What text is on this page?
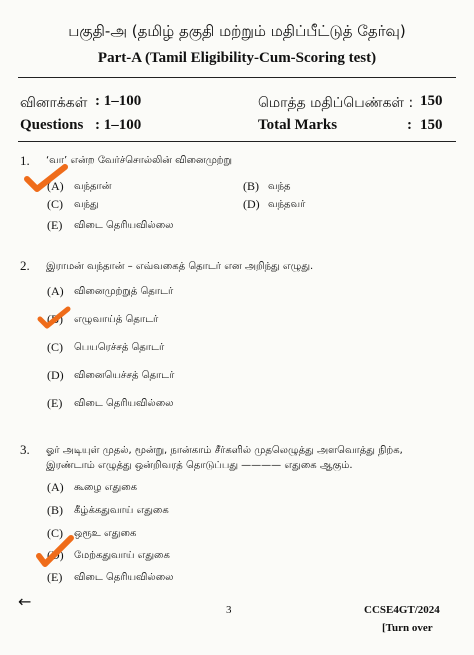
பகுதி-அ (தமிழ் தகுதி மற்றும் மதிப்பீட்டுத் தேர்வு)
Part-A (Tamil Eligibility-Cum-Scoring test)
வினாக்கள் : 1–100	மொத்த மதிப்பெண்கள் : 150
Questions : 1–100	Total Marks	: 150
1. ‘வா’ என்ற வேர்ச்சொல்லின் வினைமுற்று
(A) வந்தான்	(B) வந்த
(C) வந்து	(D) வந்தவர்
(E) விடை தெரியவில்லை
2. இராமன் வந்தான் – எவ்வகைத் தொடர் என அறிந்து எழுது.
(A) வினைமுற்றுத் தொடர்
(B) எழுவாய்த் தொடர்
(C) பெயரெச்சத் தொடர்
(D) வினையெச்சத் தொடர்
(E) விடை தெரியவில்லை
3. ஓர் அடியுள் முதல், மூன்று, நான்காம் சீர்களில் முதலெழுத்து அளவொத்து நிற்க, இரண்டாம் எழுத்து ஒன்றிவரத் தொடுப்பது ———— எதுகை ஆகும்.
(A) கூழை எதுகை
(B) கீழ்க்கதுவாய் எதுகை
(C) ஒரூஉ எதுகை
(D) மேற்கதுவாய் எதுகை
(E) விடை தெரியவில்லை
←	3	CCSE4GT/2024
[Turn over
